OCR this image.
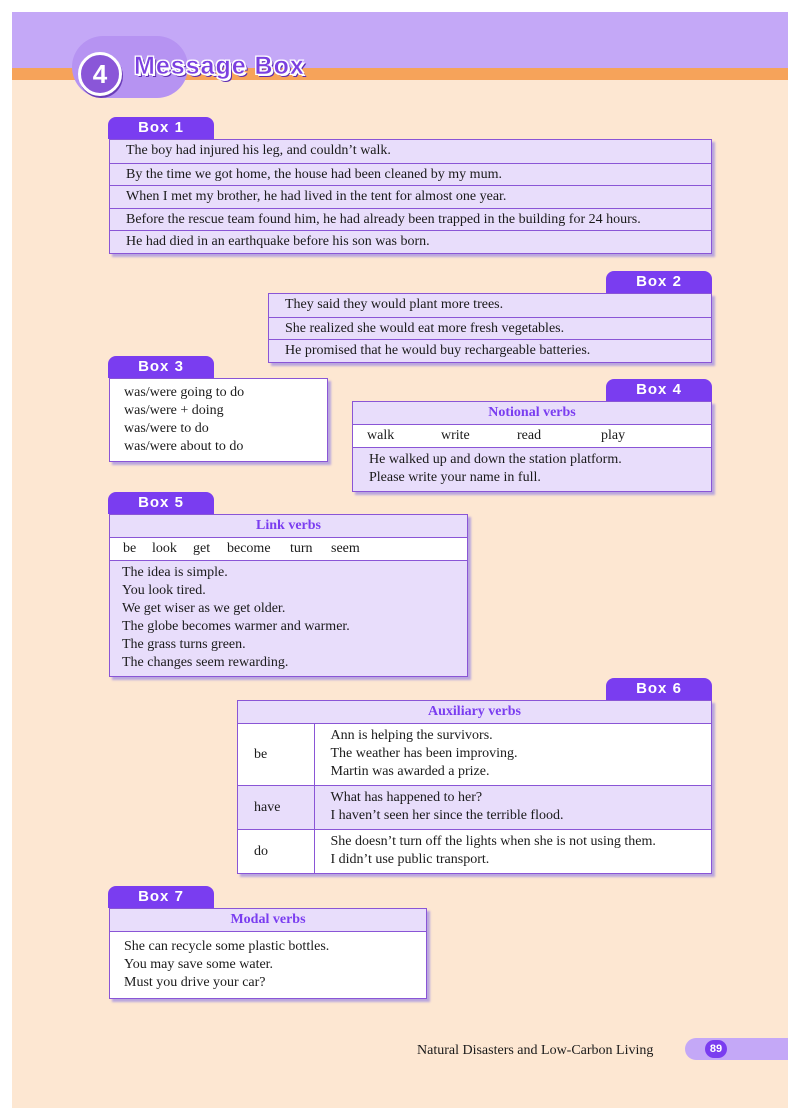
4	Message Box
Box 1
The boy had injured his leg, and couldn’t walk.
By the time we got home, the house had been cleaned by my mum.
When I met my brother, he had lived in the tent for almost one year.
Before the rescue team found him, he had already been trapped in the building for 24 hours.
He had died in an earthquake before his son was born.
Box 2
They said they would plant more trees.
She realized she would eat more fresh vegetables.
He promised that he would buy rechargeable batteries.
Box 3
was/were going to do
was/were + doing
was/were to do
was/were about to do
Box 4
Notional verbs
walk	write	read	play
He walked up and down the station platform.
Please write your name in full.
Box 5
Link verbs
be look get become turn seem
The idea is simple.
You look tired.
We get wiser as we get older.
The globe becomes warmer and warmer.
The grass turns green.
The changes seem rewarding.
Box 6
Auxiliary verbs
be	Ann is helping the survivors.
The weather has been improving.
Martin was awarded a prize.

have	What has happened to her?
I haven’t seen her since the terrible flood.

do	She doesn’t turn off the lights when she is not using them.
I didn’t use public transport.
Box 7
Modal verbs
She can recycle some plastic bottles.
You may save some water.
Must you drive your car?
Natural Disasters and Low-Carbon Living	89
